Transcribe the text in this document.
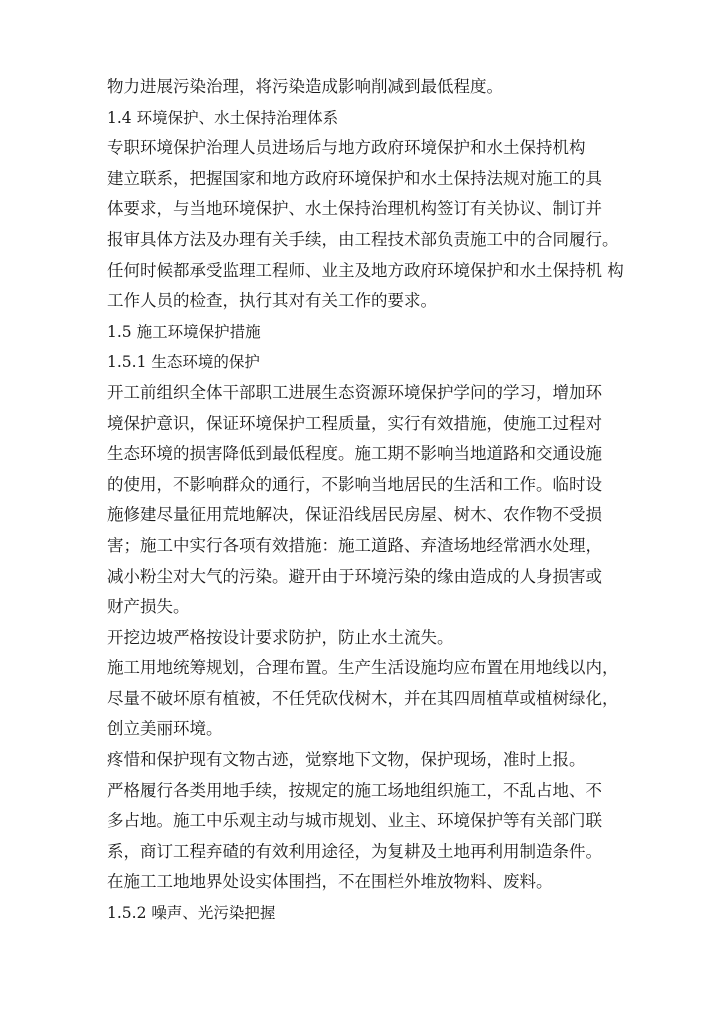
物力进展污染治理，将污染造成影响削减到最低程度。
1.4 环境保护、水土保持治理体系
专职环境保护治理人员进场后与地方政府环境保护和水土保持机构
建立联系，把握国家和地方政府环境保护和水土保持法规对施工的具
体要求，与当地环境保护、水土保持治理机构签订有关协议、制订并
报审具体方法及办理有关手续，由工程技术部负责施工中的合同履行。
任何时候都承受监理工程师、业主及地方政府环境保护和水土保持机 构
工作人员的检查，执行其对有关工作的要求。
1.5 施工环境保护措施
1.5.1 生态环境的保护
开工前组织全体干部职工进展生态资源环境保护学问的学习，增加环
境保护意识，保证环境保护工程质量，实行有效措施，使施工过程对
生态环境的损害降低到最低程度。施工期不影响当地道路和交通设施
的使用，不影响群众的通行，不影响当地居民的生活和工作。临时设
施修建尽量征用荒地解决，保证沿线居民房屋、树木、农作物不受损
害；施工中实行各项有效措施：施工道路、弃渣场地经常洒水处理，
减小粉尘对大气的污染。避开由于环境污染的缘由造成的人身损害或
财产损失。
开挖边坡严格按设计要求防护，防止水土流失。
施工用地统筹规划，合理布置。生产生活设施均应布置在用地线以内，
尽量不破坏原有植被，不任凭砍伐树木，并在其四周植草或植树绿化，
创立美丽环境。
疼惜和保护现有文物古迹，觉察地下文物，保护现场，准时上报。
严格履行各类用地手续，按规定的施工场地组织施工，不乱占地、不
多占地。施工中乐观主动与城市规划、业主、环境保护等有关部门联
系，商订工程弃碴的有效利用途径，为复耕及土地再利用制造条件。
在施工工地地界处设实体围挡，不在围栏外堆放物料、废料。
1.5.2 噪声、光污染把握
